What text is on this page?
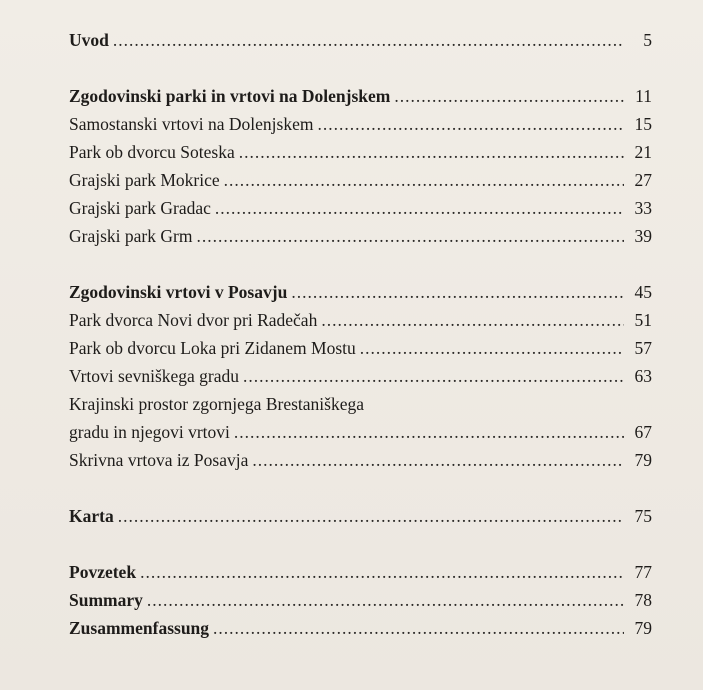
Uvod .....	5
Zgodovinski parki in vrtovi na Dolenjskem .....	11
Samostanski vrtovi na Dolenjskem .....	15
Park ob dvorcu Soteska .....	21
Grajski park Mokrice .....	27
Grajski park Gradac .....	33
Grajski park Grm .....	39
Zgodovinski vrtovi v Posavju .....	45
Park dvorca Novi dvor pri Radečah .....	51
Park ob dvorcu Loka pri Zidanem Mostu .....	57
Vrtovi sevniškega gradu .....	63
Krajinski prostor zgornjega Brestaniškega
gradu in njegovi vrtovi .....	67
Skrivna vrtova iz Posavja .....	79
Karta .....	75
Povzetek .....	77
Summary .....	78
Zusammenfassung .....	79
